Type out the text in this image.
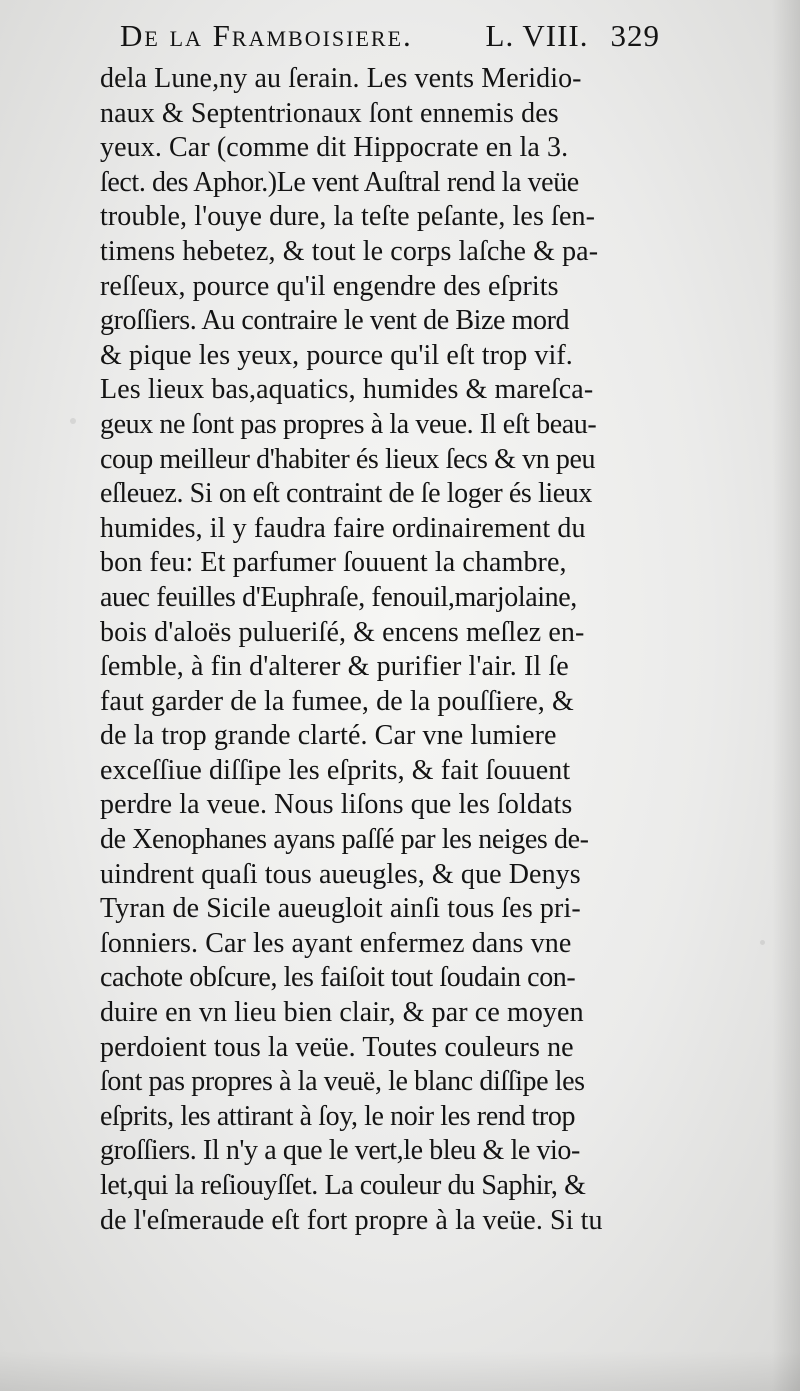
De la Framboisiere. L. VIII. 329
dela Lune,ny au ſerain. Les vents Meridio-
naux & Septentrionaux ſont ennemis des
yeux. Car (comme dit Hippocrate en la 3.
ſect. des Aphor.)Le vent Auſtral rend la veüe
trouble, l'ouye dure, la teſte peſante, les ſen-
timens hebetez, & tout le corps laſche & pa-
reſſeux, pource qu'il engendre des eſprits
groſſiers. Au contraire le vent de Bize mord
& pique les yeux, pource qu'il eſt trop vif.
Les lieux bas,aquatics, humides & mareſca-
geux ne ſont pas propres à la veue. Il eſt beau-
coup meilleur d'habiter és lieux ſecs & vn peu
eſleuez. Si on eſt contraint de ſe loger és lieux
humides, il y faudra faire ordinairement du
bon feu: Et parfumer ſouuent la chambre,
auec feuilles d'Euphraſe, fenouil,marjolaine,
bois d'aloës pulueriſé, & encens meſlez en-
ſemble, à fin d'alterer & purifier l'air. Il ſe
faut garder de la fumee, de la pouſſiere, &
de la trop grande clarté. Car vne lumiere
exceſſiue diſſipe les eſprits, & fait ſouuent
perdre la veue. Nous liſons que les ſoldats
de Xenophanes ayans paſſé par les neiges de-
uindrent quaſi tous aueugles, & que Denys
Tyran de Sicile aueugloit ainſi tous ſes pri-
ſonniers. Car les ayant enfermez dans vne
cachote obſcure, les faiſoit tout ſoudain con-
duire en vn lieu bien clair, & par ce moyen
perdoient tous la veüe. Toutes couleurs ne
ſont pas propres à la veuë, le blanc diſſipe les
eſprits, les attirant à ſoy, le noir les rend trop
groſſiers. Il n'y a que le vert,le bleu & le vio-
let,qui la reſiouyſſet. La couleur du Saphir, &
de l'eſmeraude eſt fort propre à la veüe. Si tu
